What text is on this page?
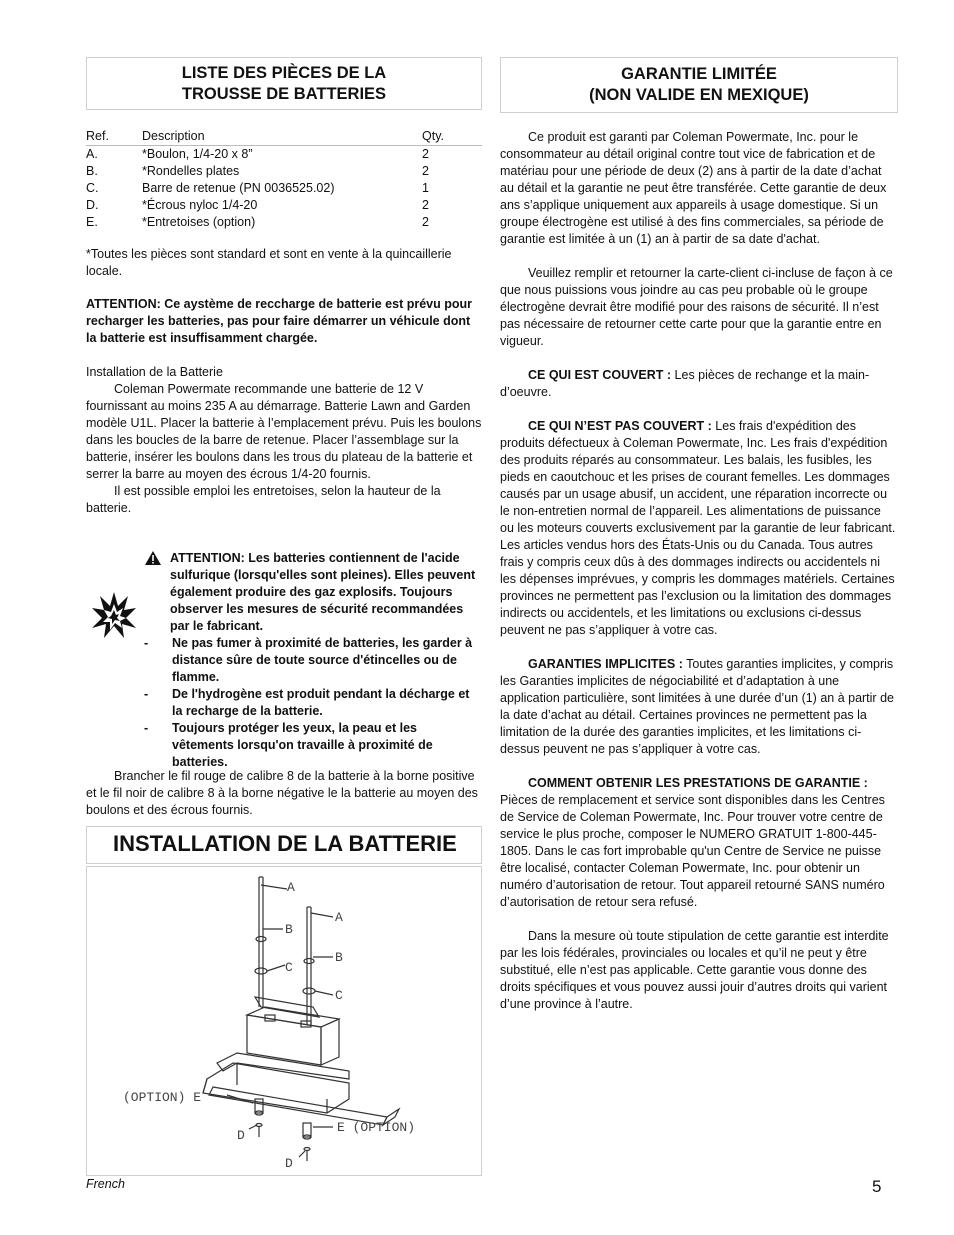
LISTE DES PIÈCES DE LA
TROUSSE DE BATTERIES
Ref.	Description	Qty.
A.	*Boulon, 1/4-20 x 8”	2
B.	*Rondelles plates	2
C.	Barre de retenue (PN 0036525.02)	1
D.	*Écrous nyloc 1/4-20	2
E.	*Entretoises (option)	2

*Toutes les pièces sont standard et sont en vente à la quincaillerie locale.

ATTENTION: Ce aystème de reccharge de batterie est prévu pour recharger les batteries, pas pour faire démarrer un véhicule dont la batterie est insuffisamment chargée.

Installation de la Batterie

Coleman Powermate recommande une batterie de 12 V fournissant au moins 235 A au démarrage. Batterie Lawn and Garden modèle U1L. Placer la batterie à l’emplacement prévu. Puis les boulons dans les boucles de la barre de retenue. Placer l’assemblage sur la batterie, insérer les boulons dans les trous du plateau de la batterie et serrer la barre au moyen des écrous 1/4-20 fournis.

Il est possible emploi les entretoises, selon la hauteur de la batterie.

ATTENTION: Les batteries contiennent de l'acide sulfurique (lorsqu'elles sont pleines). Elles peuvent également produire des gaz explosifs. Toujours observer les mesures de sécurité recommandées par le fabricant.
- Ne pas fumer à proximité de batteries, les garder à distance sûre de toute source d'étincelles ou de flamme.
- De l'hydrogène est produit pendant la décharge et la recharge de la batterie.
- Toujours protéger les yeux, la peau et les vêtements lorsqu'on travaille à proximité de batteries.

Brancher le fil rouge de calibre 8 de la batterie à la borne positive et le fil noir de calibre 8 à la borne négative le la batterie au moyen des boulons et des écrous fournis.

INSTALLATION DE LA BATTERIE
A
B
C
A
B
C
(OPTION) E
E (OPTION)
D
D
GARANTIE LIMITÉE
(NON VALIDE EN MEXIQUE)

Ce produit est garanti par Coleman Powermate, Inc. pour le consommateur au détail original contre tout vice de fabrication et de matériau pour une période de deux (2) ans à partir de la date d’achat au détail et la garantie ne peut être transférée. Cette garantie de deux ans s’applique uniquement aux appareils à usage domestique. Si un groupe électrogène est utilisé à des fins commerciales, sa période de garantie est limitée à un (1) an à partir de sa date d'achat.

Veuillez remplir et retourner la carte-client ci-incluse de façon à ce que nous puissions vous joindre au cas peu probable où le groupe électrogène devrait être modifié pour des raisons de sécurité. Il n’est pas nécessaire de retourner cette carte pour que la garantie entre en vigueur.

CE QUI EST COUVERT : Les pièces de rechange et la main-d’oeuvre.

CE QUI N’EST PAS COUVERT : Les frais d'expédition des produits défectueux à Coleman Powermate, Inc. Les frais d'expédition des produits réparés au consommateur. Les balais, les fusibles, les pieds en caoutchouc et les prises de courant femelles. Les dommages causés par un usage abusif, un accident, une réparation incorrecte ou le non-entretien normal de l’appareil. Les alimentations de puissance ou les moteurs couverts exclusivement par la garantie de leur fabricant. Les articles vendus hors des États-Unis ou du Canada. Tous autres frais y compris ceux dûs à des dommages indirects ou accidentels ni les dépenses imprévues, y compris les dommages matériels. Certaines provinces ne permettent pas l’exclusion ou la limitation des dommages indirects ou accidentels, et les limitations ou exclusions ci-dessus peuvent ne pas s’appliquer à votre cas.

GARANTIES IMPLICITES : Toutes garanties implicites, y compris les Garanties implicites de négociabilité et d’adaptation à une application particulière, sont limitées à une durée d’un (1) an à partir de la date d’achat au détail. Certaines provinces ne permettent pas la limitation de la durée des garanties implicites, et les limitations ci-dessus peuvent ne pas s’appliquer à votre cas.

COMMENT OBTENIR LES PRESTATIONS DE GARANTIE : Pièces de remplacement et service sont disponibles dans les Centres de Service de Coleman Powermate, Inc. Pour trouver votre centre de service le plus proche, composer le NUMERO GRATUIT 1-800-445-1805. Dans le cas fort improbable qu'un Centre de Service ne puisse être localisé, contacter Coleman Powermate, Inc. pour obtenir un numéro d’autorisation de retour. Tout appareil retourné SANS numéro d’autorisation de retour sera refusé.

Dans la mesure où toute stipulation de cette garantie est interdite par les lois fédérales, provinciales ou locales et qu’il ne peut y être substitué, elle n’est pas applicable. Cette garantie vous donne des droits spécifiques et vous pouvez aussi jouir d’autres droits qui varient d’une province à l’autre.

French	5
